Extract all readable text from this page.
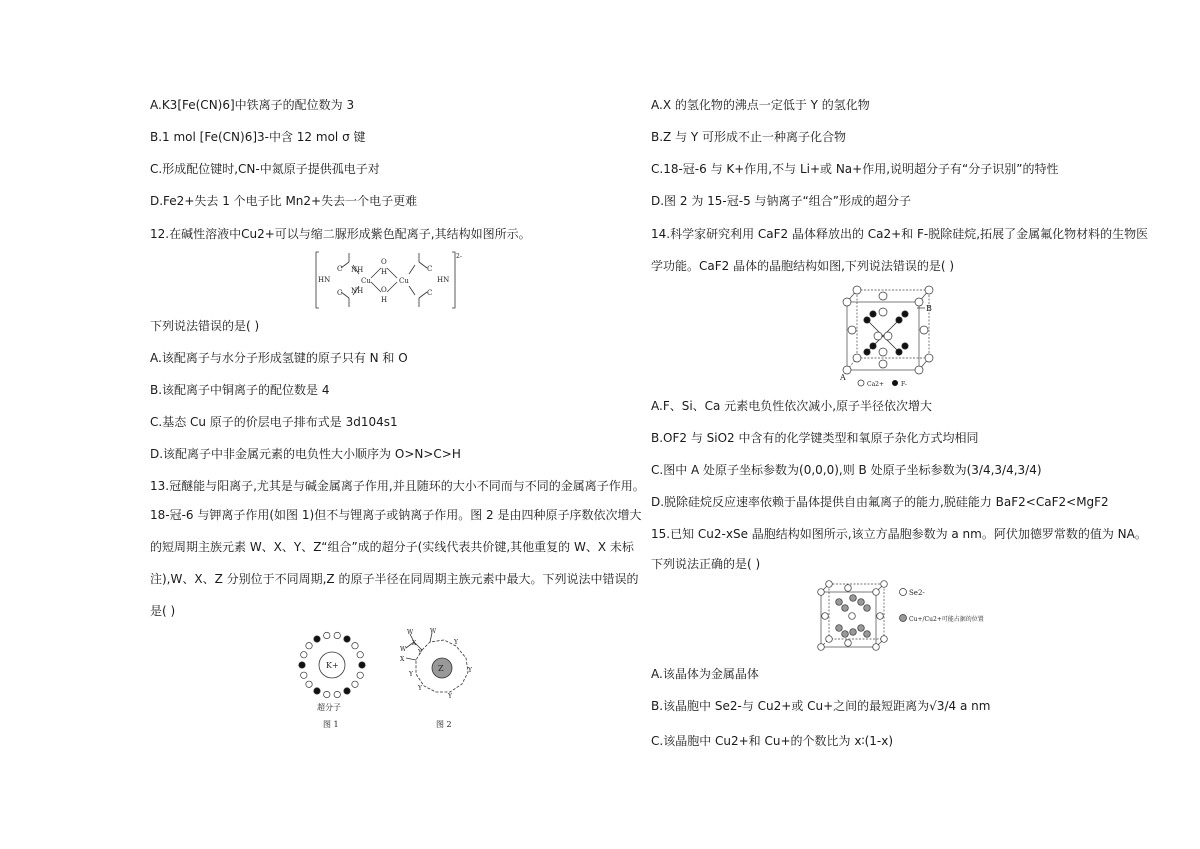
A.K3[Fe(CN)6]中铁离子的配位数为 3
B.1 mol [Fe(CN)6]3-中含 12 mol σ 键
C.形成配位键时,CN-中氮原子提供孤电子对
D.Fe2+失去 1 个电子比 Mn2+失去一个电子更难
12.在碱性溶液中Cu2+可以与缩二脲形成紫色配离子,其结构如图所示。
HN
C
C
NH
NH
Cu
O
H
O
H
Cu
C
C
HN
2-
下列说法错误的是( )
A.该配离子与水分子形成氢键的原子只有 N 和 O
B.该配离子中铜离子的配位数是 4
C.基态 Cu 原子的价层电子排布式是 3d104s1
D.该配离子中非金属元素的电负性大小顺序为 O>N>C>H
13.冠醚能与阳离子,尤其是与碱金属离子作用,并且随环的大小不同而与不同的金属离子作用。
18-冠-6 与钾离子作用(如图 1)但不与锂离子或钠离子作用。图 2 是由四种原子序数依次增大
的短周期主族元素 W、X、Y、Z“组合”成的超分子(实线代表共价键,其他重复的 W、X 未标
注),W、X、Z 分别位于不同周期,Z 的原子半径在同周期主族元素中最大。下列说法中错误的
是( )
K+
超分子
图 1
Z
W
W
W
X
X
Y
Y
Y
Y
Y
Y
图 2
A.X 的氢化物的沸点一定低于 Y 的氢化物
B.Z 与 Y 可形成不止一种离子化合物
C.18-冠-6 与 K+作用,不与 Li+或 Na+作用,说明超分子有“分子识别”的特性
D.图 2 为 15-冠-5 与钠离子“组合”形成的超分子
14.科学家研究利用 CaF2 晶体释放出的 Ca2+和 F-脱除硅烷,拓展了金属氟化物材料的生物医
学功能。CaF2 晶体的晶胞结构如图,下列说法错误的是( )
B
A
Ca2+	F-
A.F、Si、Ca 元素电负性依次减小,原子半径依次增大
B.OF2 与 SiO2 中含有的化学键类型和氧原子杂化方式均相同
C.图中 A 处原子坐标参数为(0,0,0),则 B 处原子坐标参数为(3/4,3/4,3/4)
D.脱除硅烷反应速率依赖于晶体提供自由氟离子的能力,脱硅能力 BaF2<CaF2<MgF2
15.已知 Cu2-xSe 晶胞结构如图所示,该立方晶胞参数为 a nm。阿伏加德罗常数的值为 NA。
下列说法正确的是( )
Se2-
Cu+/Cu2+可能占据的位置
A.该晶体为金属晶体
B.该晶胞中 Se2-与 Cu2+或 Cu+之间的最短距离为√3/4 a nm
C.该晶胞中 Cu2+和 Cu+的个数比为 x∶(1-x)
